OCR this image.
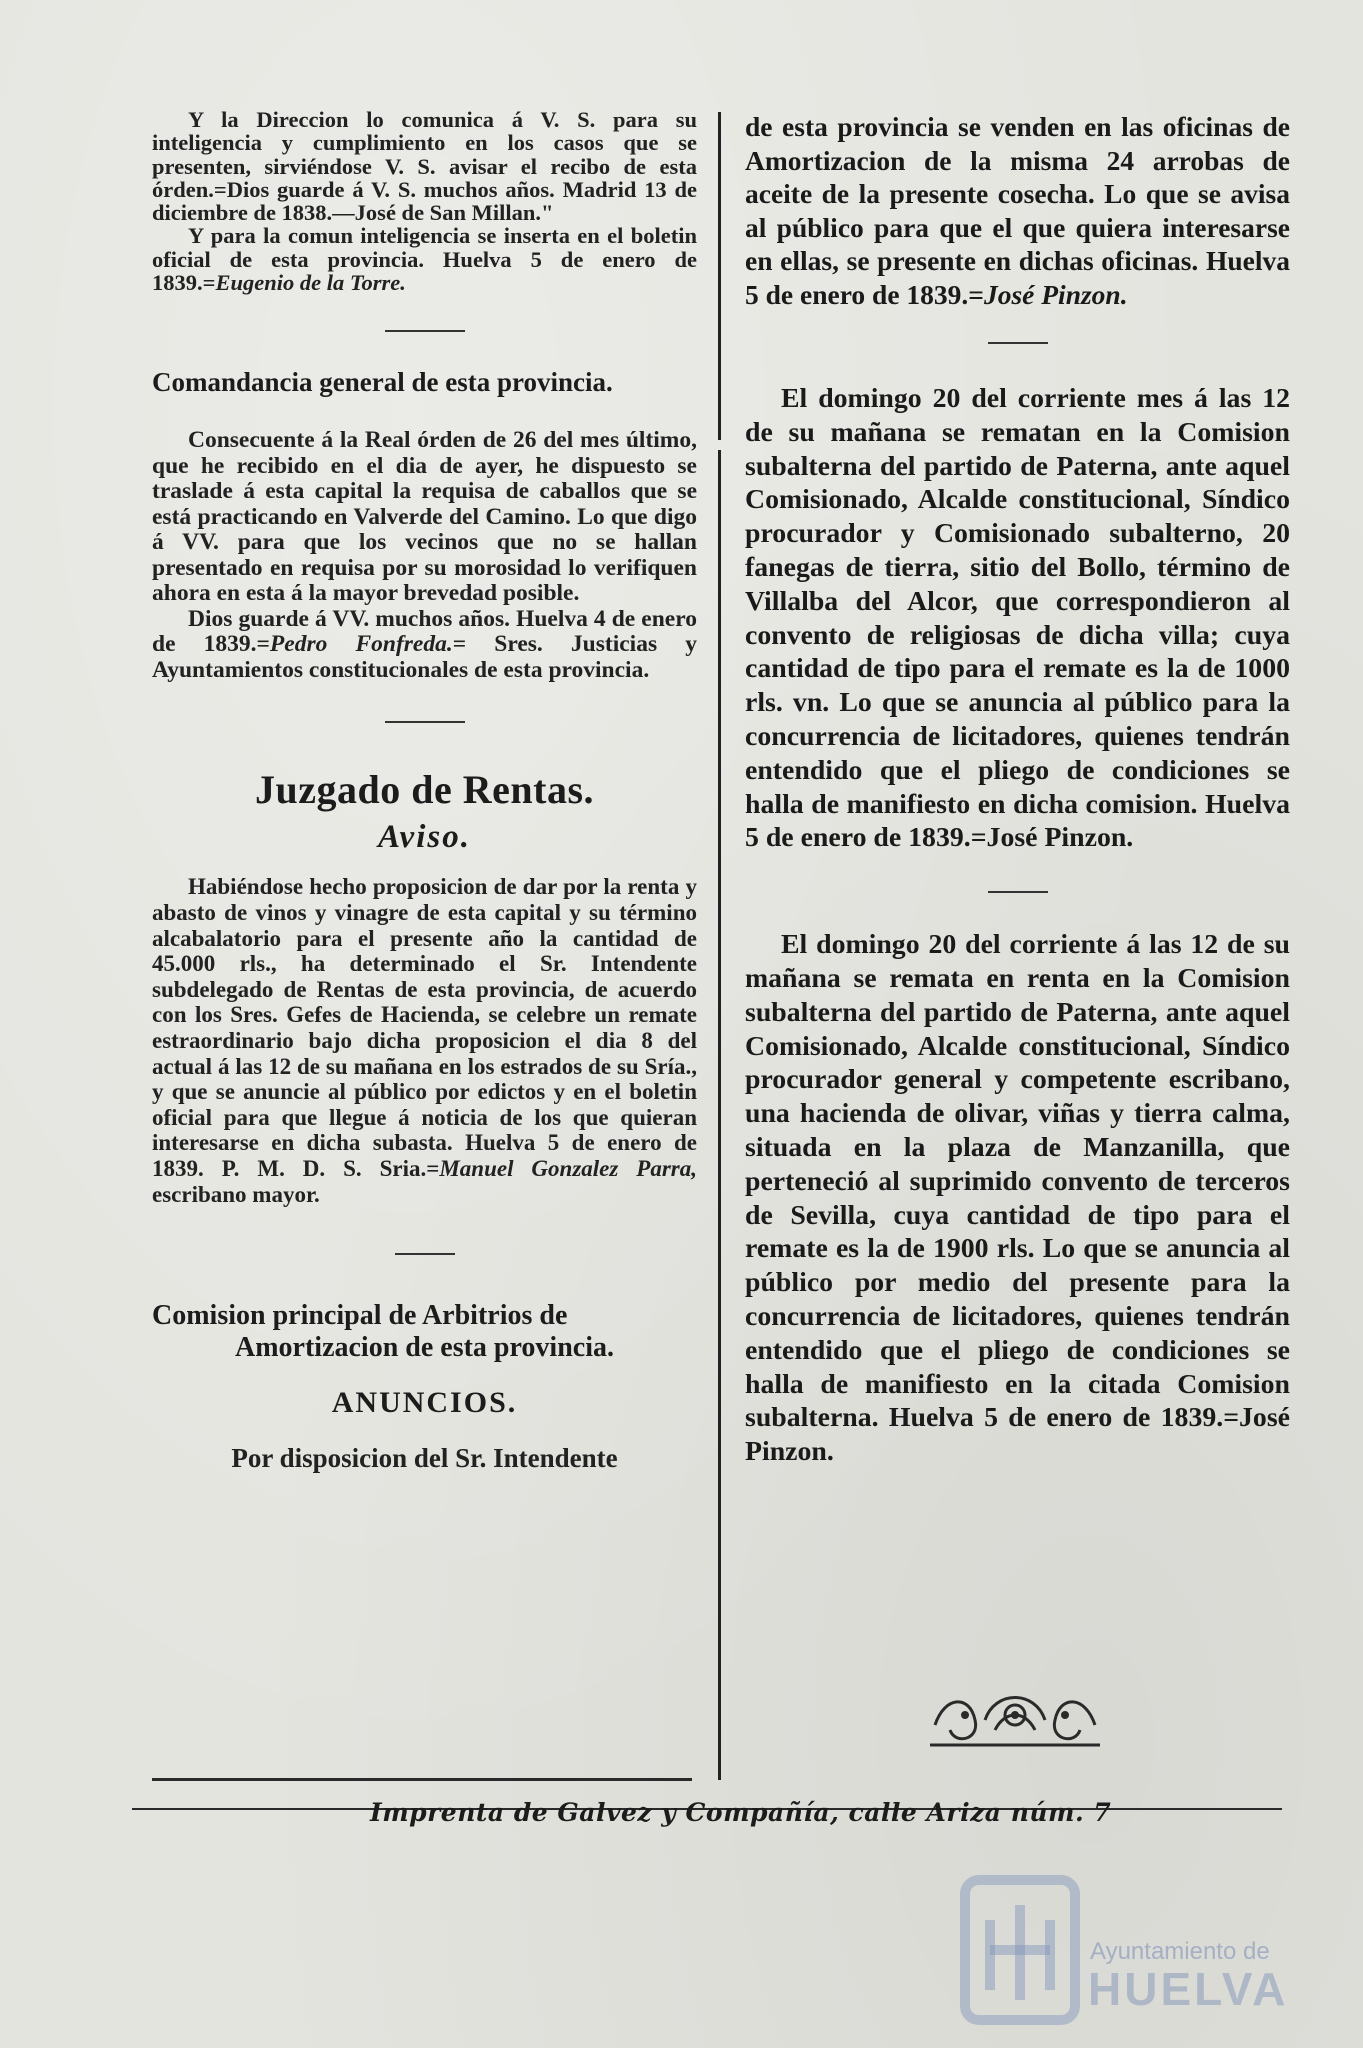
Y la Direccion lo comunica á V. S. para su inteligencia y cumplimiento en los casos que se presenten, sirviéndose V. S. avisar el recibo de esta órden.=Dios guarde á V. S. muchos años. Madrid 13 de diciembre de 1838.—José de San Millan."

Y para la comun inteligencia se inserta en el boletin oficial de esta provincia. Huelva 5 de enero de 1839.=Eugenio de la Torre.

Comandancia general de esta provincia.

Consecuente á la Real órden de 26 del mes último, que he recibido en el dia de ayer, he dispuesto se traslade á esta capital la requisa de caballos que se está practicando en Valverde del Camino. Lo que digo á VV. para que los vecinos que no se hallan presentado en requisa por su morosidad lo verifiquen ahora en esta á la mayor brevedad posible.

Dios guarde á VV. muchos años. Huelva 4 de enero de 1839.=Pedro Fonfreda.= Sres. Justicias y Ayuntamientos constitucionales de esta provincia.

Juzgado de Rentas.
Aviso.

Habiéndose hecho proposicion de dar por la renta y abasto de vinos y vinagre de esta capital y su término alcabalatorio para el presente año la cantidad de 45.000 rls., ha determinado el Sr. Intendente subdelegado de Rentas de esta provincia, de acuerdo con los Sres. Gefes de Hacienda, se celebre un remate estraordinario bajo dicha proposicion el dia 8 del actual á las 12 de su mañana en los estrados de su Sría., y que se anuncie al público por edictos y en el boletin oficial para que llegue á noticia de los que quieran interesarse en dicha subasta. Huelva 5 de enero de 1839. P. M. D. S. Sria.=Manuel Gonzalez Parra, escribano mayor.

Comision principal de Arbitrios de

Amortizacion de esta provincia.

ANUNCIOS.

Por disposicion del Sr. Intendente

de esta provincia se venden en las oficinas de Amortizacion de la misma 24 arrobas de aceite de la presente cosecha. Lo que se avisa al público para que el que quiera interesarse en ellas, se presente en dichas oficinas. Huelva 5 de enero de 1839.=José Pinzon.

El domingo 20 del corriente mes á las 12 de su mañana se rematan en la Comision subalterna del partido de Paterna, ante aquel Comisionado, Alcalde constitucional, Síndico procurador y Comisionado subalterno, 20 fanegas de tierra, sitio del Bollo, término de Villalba del Alcor, que correspondieron al convento de religiosas de dicha villa; cuya cantidad de tipo para el remate es la de 1000 rls. vn. Lo que se anuncia al público para la concurrencia de licitadores, quienes tendrán entendido que el pliego de condiciones se halla de manifiesto en dicha comision. Huelva 5 de enero de 1839.=José Pinzon.

El domingo 20 del corriente á las 12 de su mañana se remata en renta en la Comision subalterna del partido de Paterna, ante aquel Comisionado, Alcalde constitucional, Síndico procurador general y competente escribano, una hacienda de olivar, viñas y tierra calma, situada en la plaza de Manzanilla, que perteneció al suprimido convento de terceros de Sevilla, cuya cantidad de tipo para el remate es la de 1900 rls. Lo que se anuncia al público por medio del presente para la concurrencia de licitadores, quienes tendrán entendido que el pliego de condiciones se halla de manifiesto en la citada Comision subalterna. Huelva 5 de enero de 1839.=José Pinzon.

Imprenta de Galvez y Compañía, calle Ariza núm. 7
Ayuntamiento de
HUELVA
